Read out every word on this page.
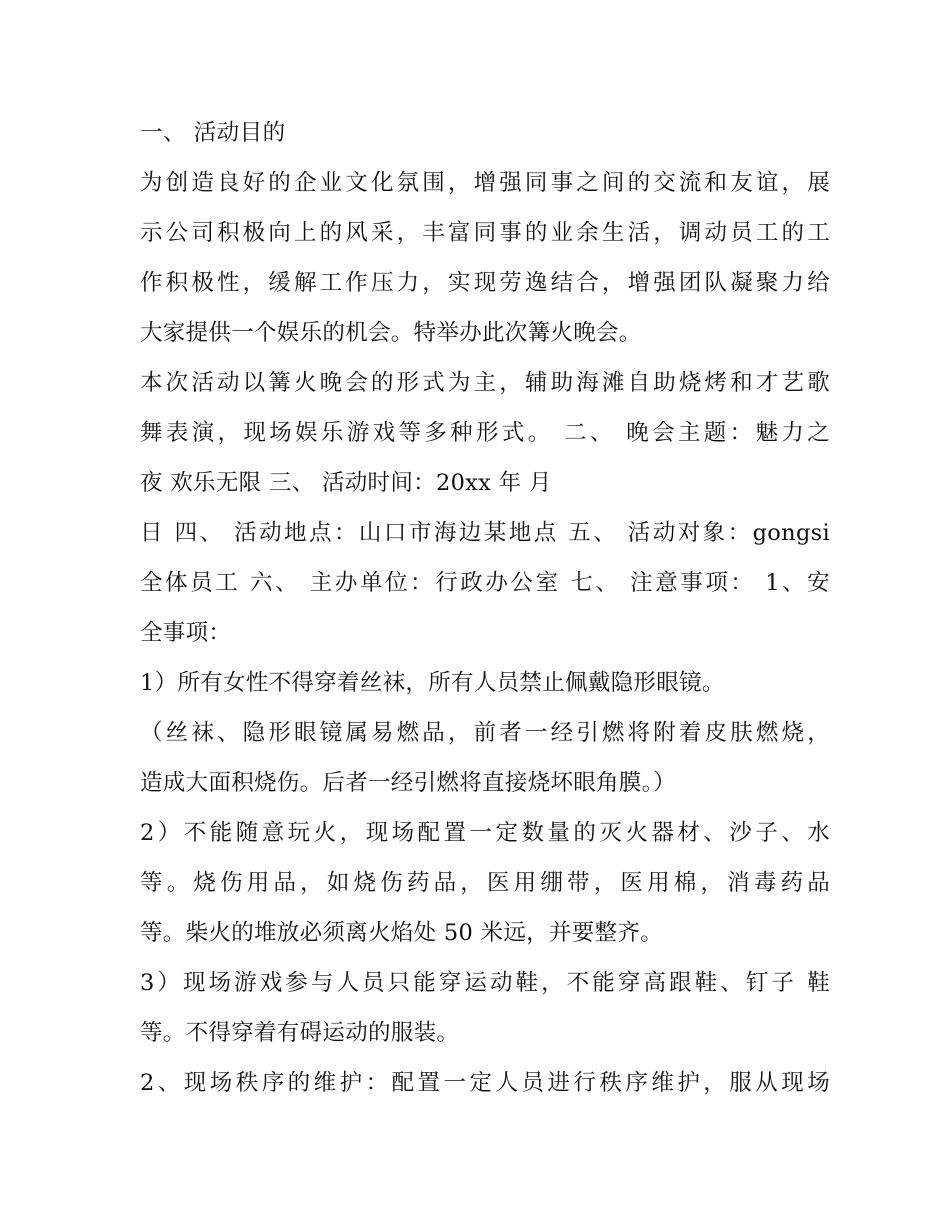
一、 活动目的
为创造良好的企业文化氛围，增强同事之间的交流和友谊，展
示公司积极向上的风采，丰富同事的业余生活，调动员工的工
作积极性，缓解工作压力，实现劳逸结合，增强团队凝聚力给
大家提供一个娱乐的机会。特举办此次篝火晚会。
本次活动以篝火晚会的形式为主，辅助海滩自助烧烤和才艺歌
舞表演，现场娱乐游戏等多种形式。 二、 晚会主题：魅力之
夜 欢乐无限 三、 活动时间：20xx 年 月
日 四、 活动地点：山口市海边某地点 五、 活动对象：gongsi
全体员工 六、 主办单位：行政办公室 七、 注意事项： 1、安
全事项：
1）所有女性不得穿着丝袜，所有人员禁止佩戴隐形眼镜。
（丝袜、隐形眼镜属易燃品，前者一经引燃将附着皮肤燃烧，
造成大面积烧伤。后者一经引燃将直接烧坏眼角膜。）
2）不能随意玩火，现场配置一定数量的灭火器材、沙子、水
等。烧伤用品，如烧伤药品，医用绷带，医用棉，消毒药品
等。柴火的堆放必须离火焰处 50 米远，并要整齐。
3）现场游戏参与人员只能穿运动鞋，不能穿高跟鞋、钉子 鞋
等。不得穿着有碍运动的服装。
2、现场秩序的维护：配置一定人员进行秩序维护，服从现场
